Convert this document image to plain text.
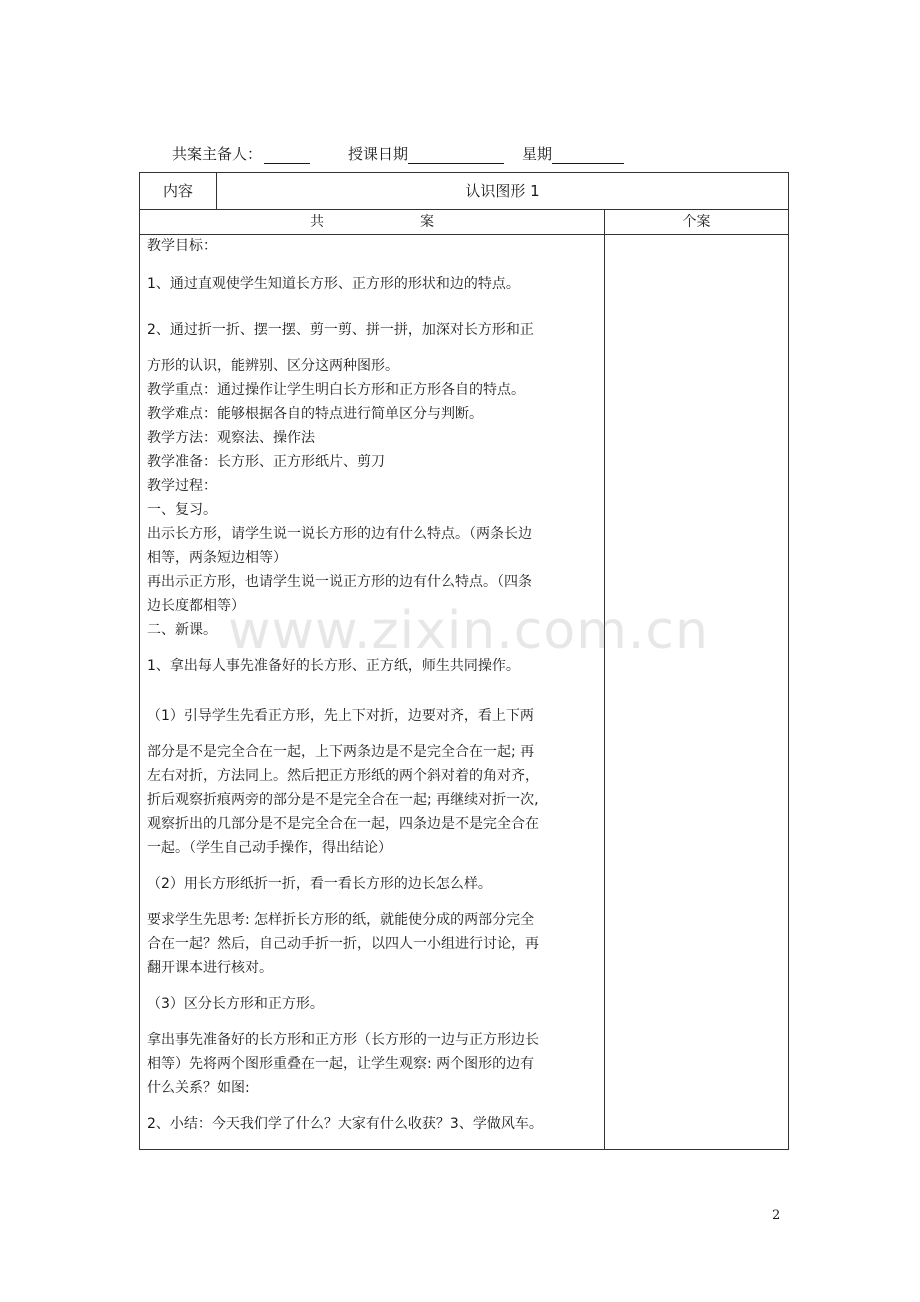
共案主备人：	授课日期	星期
内容	认识图形 1
共案	个案
教学目标：
1、通过直观使学生知道长方形、正方形的形状和边的特点。
2、通过折一折、摆一摆、剪一剪、拼一拼，加深对长方形和正
方形的认识，能辨别、区分这两种图形。
教学重点：通过操作让学生明白长方形和正方形各自的特点。
教学难点：能够根据各自的特点进行简单区分与判断。
教学方法：观察法、操作法
教学准备：长方形、正方形纸片、剪刀
教学过程：
一、复习。
出示长方形，请学生说一说长方形的边有什么特点。（两条长边
相等，两条短边相等）
再出示正方形，也请学生说一说正方形的边有什么特点。（四条
边长度都相等）
二、新课。
1、拿出每人事先准备好的长方形、正方纸，师生共同操作。
（1）引导学生先看正方形，先上下对折，边要对齐，看上下两
部分是不是完全合在一起，上下两条边是不是完全合在一起; 再
左右对折，方法同上。然后把正方形纸的两个斜对着的角对齐，
折后观察折痕两旁的部分是不是完全合在一起; 再继续对折一次,
观察折出的几部分是不是完全合在一起，四条边是不是完全合在
一起。（学生自己动手操作，得出结论）
（2）用长方形纸折一折，看一看长方形的边长怎么样。
要求学生先思考: 怎样折长方形的纸，就能使分成的两部分完全
合在一起？然后，自己动手折一折，以四人一小组进行讨论，再
翻开课本进行核对。
（3）区分长方形和正方形。
拿出事先准备好的长方形和正方形（长方形的一边与正方形边长
相等）先将两个图形重叠在一起，让学生观察: 两个图形的边有
什么关系？如图:
2、小结：今天我们学了什么？大家有什么收获？3、学做风车。
www.zixin.com.cn
2
